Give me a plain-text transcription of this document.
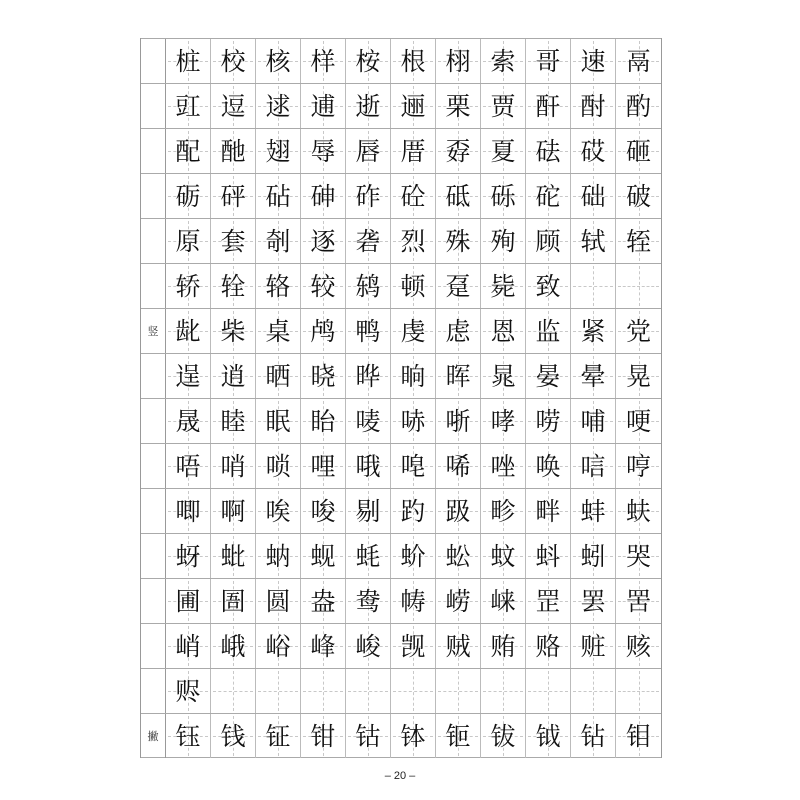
桩 校 核 样 桉 根 栩 索 哥 速 鬲
豇 逗 逑 逋 逝 逦 栗 贾 酐 酎 酌
配 酏 翅 辱 唇 厝 孬 夏 砝 砹 砸
砺 砰 砧 砷 砟 砼 砥 砾 砣 础 破
原 套 剞 逐 砻 烈 殊 殉 顾 轼 轾
轿 辁 辂 较 鸫 顿 趸 毙 致
竖 龀 柴 桌 鸬 鸭 虔 虑 恩 监 紧 党
逞 逍 晒 晓 晔 晌 晖 晁 晏 晕 晃
晟 睦 眠 眙 唛 哧 哳 哮 唠 哺 哽
唔 哨 唢 哩 哦 唣 唏 唑 唤 唁 哼
唧 啊 唉 唆 剔 趵 趿 畛 畔 蚌 蚨
蚜 蚍 蚋 蚬 蚝 蚧 蚣 蚊 蚪 蚓 哭
圃 圄 圆 盎 鸯 帱 崂 崃 罡 罢 罟
峭 峨 峪 峰 峻 觊 贼 贿 赂 赃 赅
赆
撇 钰 钱 钲 钳 钴 钵 钷 钹 钺 钻 钼
– 20 –
